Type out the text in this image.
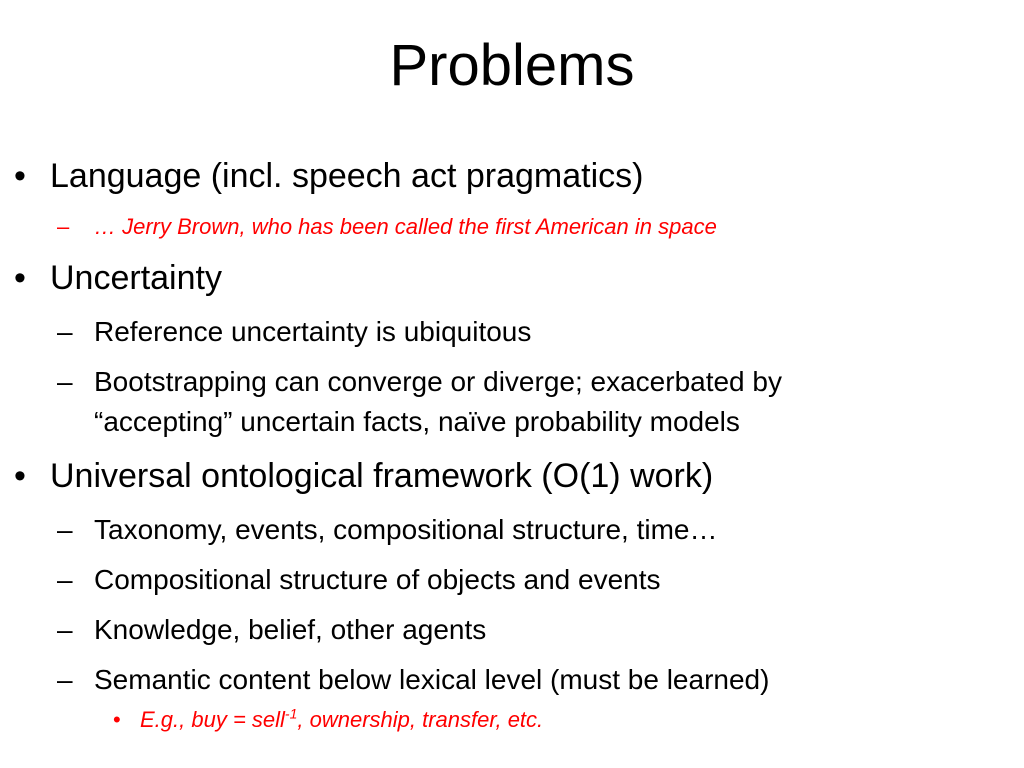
Problems
• Language (incl. speech act pragmatics)
– … Jerry Brown, who has been called the first American in space
• Uncertainty
– Reference uncertainty is ubiquitous
– Bootstrapping can converge or diverge; exacerbated by
“accepting” uncertain facts, naïve probability models
• Universal ontological framework (O(1) work)
– Taxonomy, events, compositional structure, time…
– Compositional structure of objects and events
– Knowledge, belief, other agents
– Semantic content below lexical level (must be learned)
• E.g., buy = sell$^{-1}$, ownership, transfer, etc.
